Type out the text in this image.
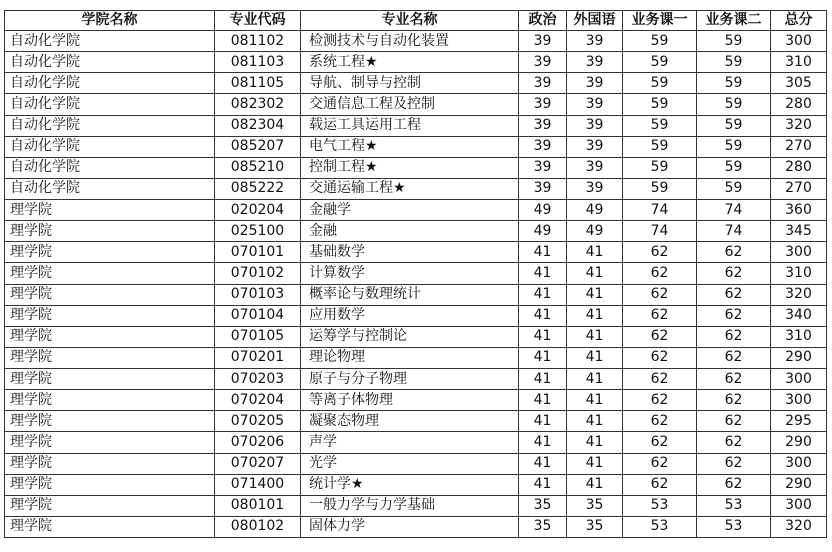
学院名称	专业代码	专业名称	政治	外国语	业务课一	业务课二	总分
自动化学院	081102	检测技术与自动化装置	39	39	59	59	300
自动化学院	081103	系统工程★	39	39	59	59	310
自动化学院	081105	导航、制导与控制	39	39	59	59	305
自动化学院	082302	交通信息工程及控制	39	39	59	59	280
自动化学院	082304	载运工具运用工程	39	39	59	59	320
自动化学院	085207	电气工程★	39	39	59	59	270
自动化学院	085210	控制工程★	39	39	59	59	280
自动化学院	085222	交通运输工程★	39	39	59	59	270
理学院	020204	金融学	49	49	74	74	360
理学院	025100	金融	49	49	74	74	345
理学院	070101	基础数学	41	41	62	62	300
理学院	070102	计算数学	41	41	62	62	310
理学院	070103	概率论与数理统计	41	41	62	62	320
理学院	070104	应用数学	41	41	62	62	340
理学院	070105	运筹学与控制论	41	41	62	62	310
理学院	070201	理论物理	41	41	62	62	290
理学院	070203	原子与分子物理	41	41	62	62	300
理学院	070204	等离子体物理	41	41	62	62	300
理学院	070205	凝聚态物理	41	41	62	62	295
理学院	070206	声学	41	41	62	62	290
理学院	070207	光学	41	41	62	62	300
理学院	071400	统计学★	41	41	62	62	290
理学院	080101	一般力学与力学基础	35	35	53	53	300
理学院	080102	固体力学	35	35	53	53	320
